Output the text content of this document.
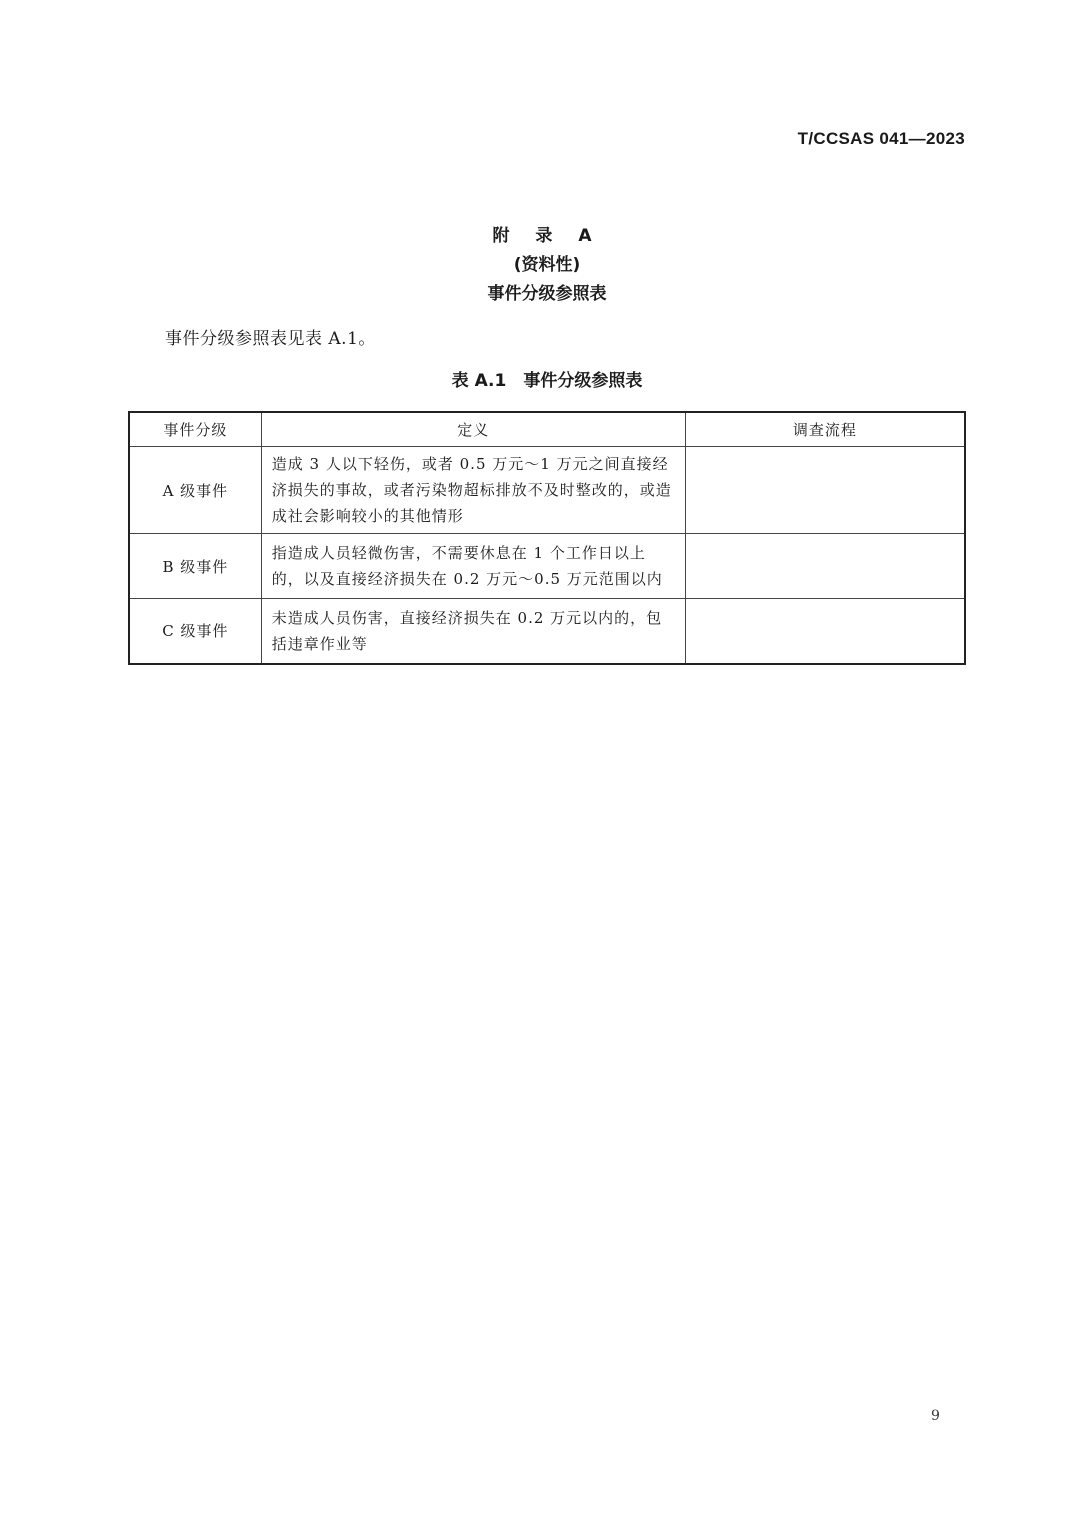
T/CCSAS 041—2023
附 录 A
(资料性)
事件分级参照表
事件分级参照表见表 A.1。
表 A.1　事件分级参照表
事件分级	定义	调查流程
A 级事件	造成 3 人以下轻伤，或者 0.5 万元～1 万元之间直接经济损失的事故，或者污染物超标排放不及时整改的，或造成社会影响较小的其他情形	
B 级事件	指造成人员轻微伤害，不需要休息在 1 个工作日以上的，以及直接经济损失在 0.2 万元～0.5 万元范围以内	
C 级事件	未造成人员伤害，直接经济损失在 0.2 万元以内的，包括违章作业等	
9
